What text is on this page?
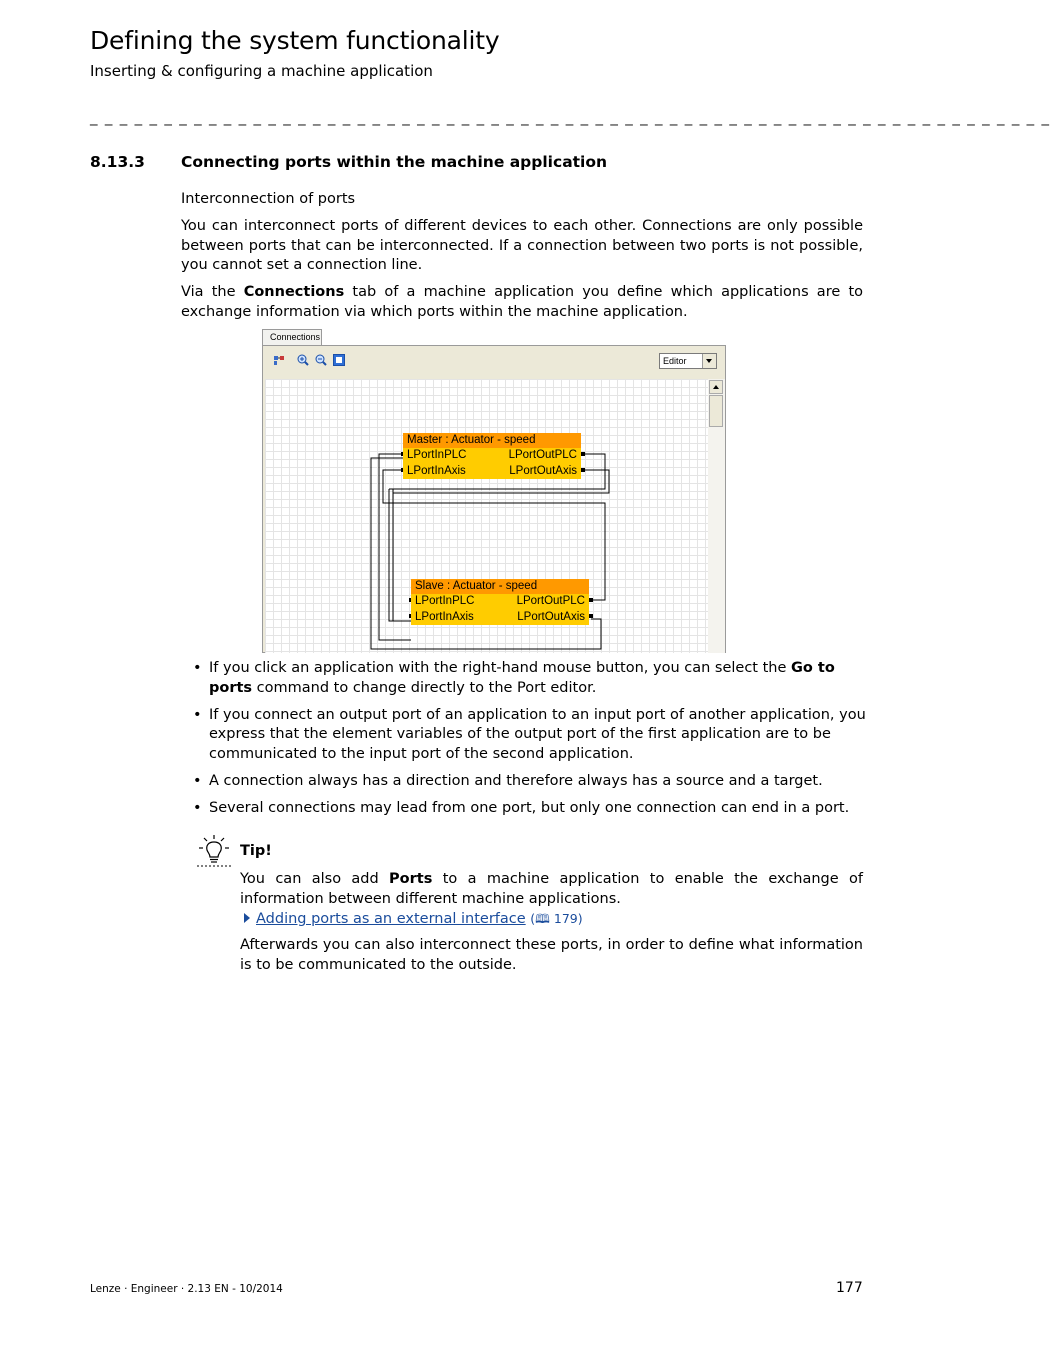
Defining the system functionality
Inserting & configuring a machine application
_ _ _ _ _ _ _ _ _ _ _ _ _ _ _ _ _ _ _ _ _ _ _ _ _ _ _ _ _ _ _ _ _ _ _ _ _ _ _ _ _ _ _ _ _ _ _ _ _ _ _ _ _ _ _ _ _ _ _ _ _ _ _ _ _
8.13.3 Connecting ports within the machine application
Interconnection of ports
You can interconnect ports of different devices to each other. Connections are only possible between ports that can be interconnected. If a connection between two ports is not possible, you cannot set a connection line.
Via the Connections tab of a machine application you define which applications are to exchange information via which ports within the machine application.
Connections
Editor
Master : Actuator - speed
LPortInPLC
LPortInAxis
LPortOutPLC
LPortOutAxis
Slave : Actuator - speed
LPortInPLC
LPortInAxis
LPortOutPLC
LPortOutAxis
• If you click an application with the right-hand mouse button, you can select the Go to ports command to change directly to the Port editor.
• If you connect an output port of an application to an input port of another application, you express that the element variables of the output port of the first application are to be communicated to the input port of the second application.
• A connection always has a direction and therefore always has a source and a target.
• Several connections may lead from one port, but only one connection can end in a port.
Tip!
You can also add Ports to a machine application to enable the exchange of information between different machine applications.
Adding ports as an external interface (🕮 179)
Afterwards you can also interconnect these ports, in order to define what information is to be communicated to the outside.
Lenze · Engineer · 2.13 EN - 10/2014	177
